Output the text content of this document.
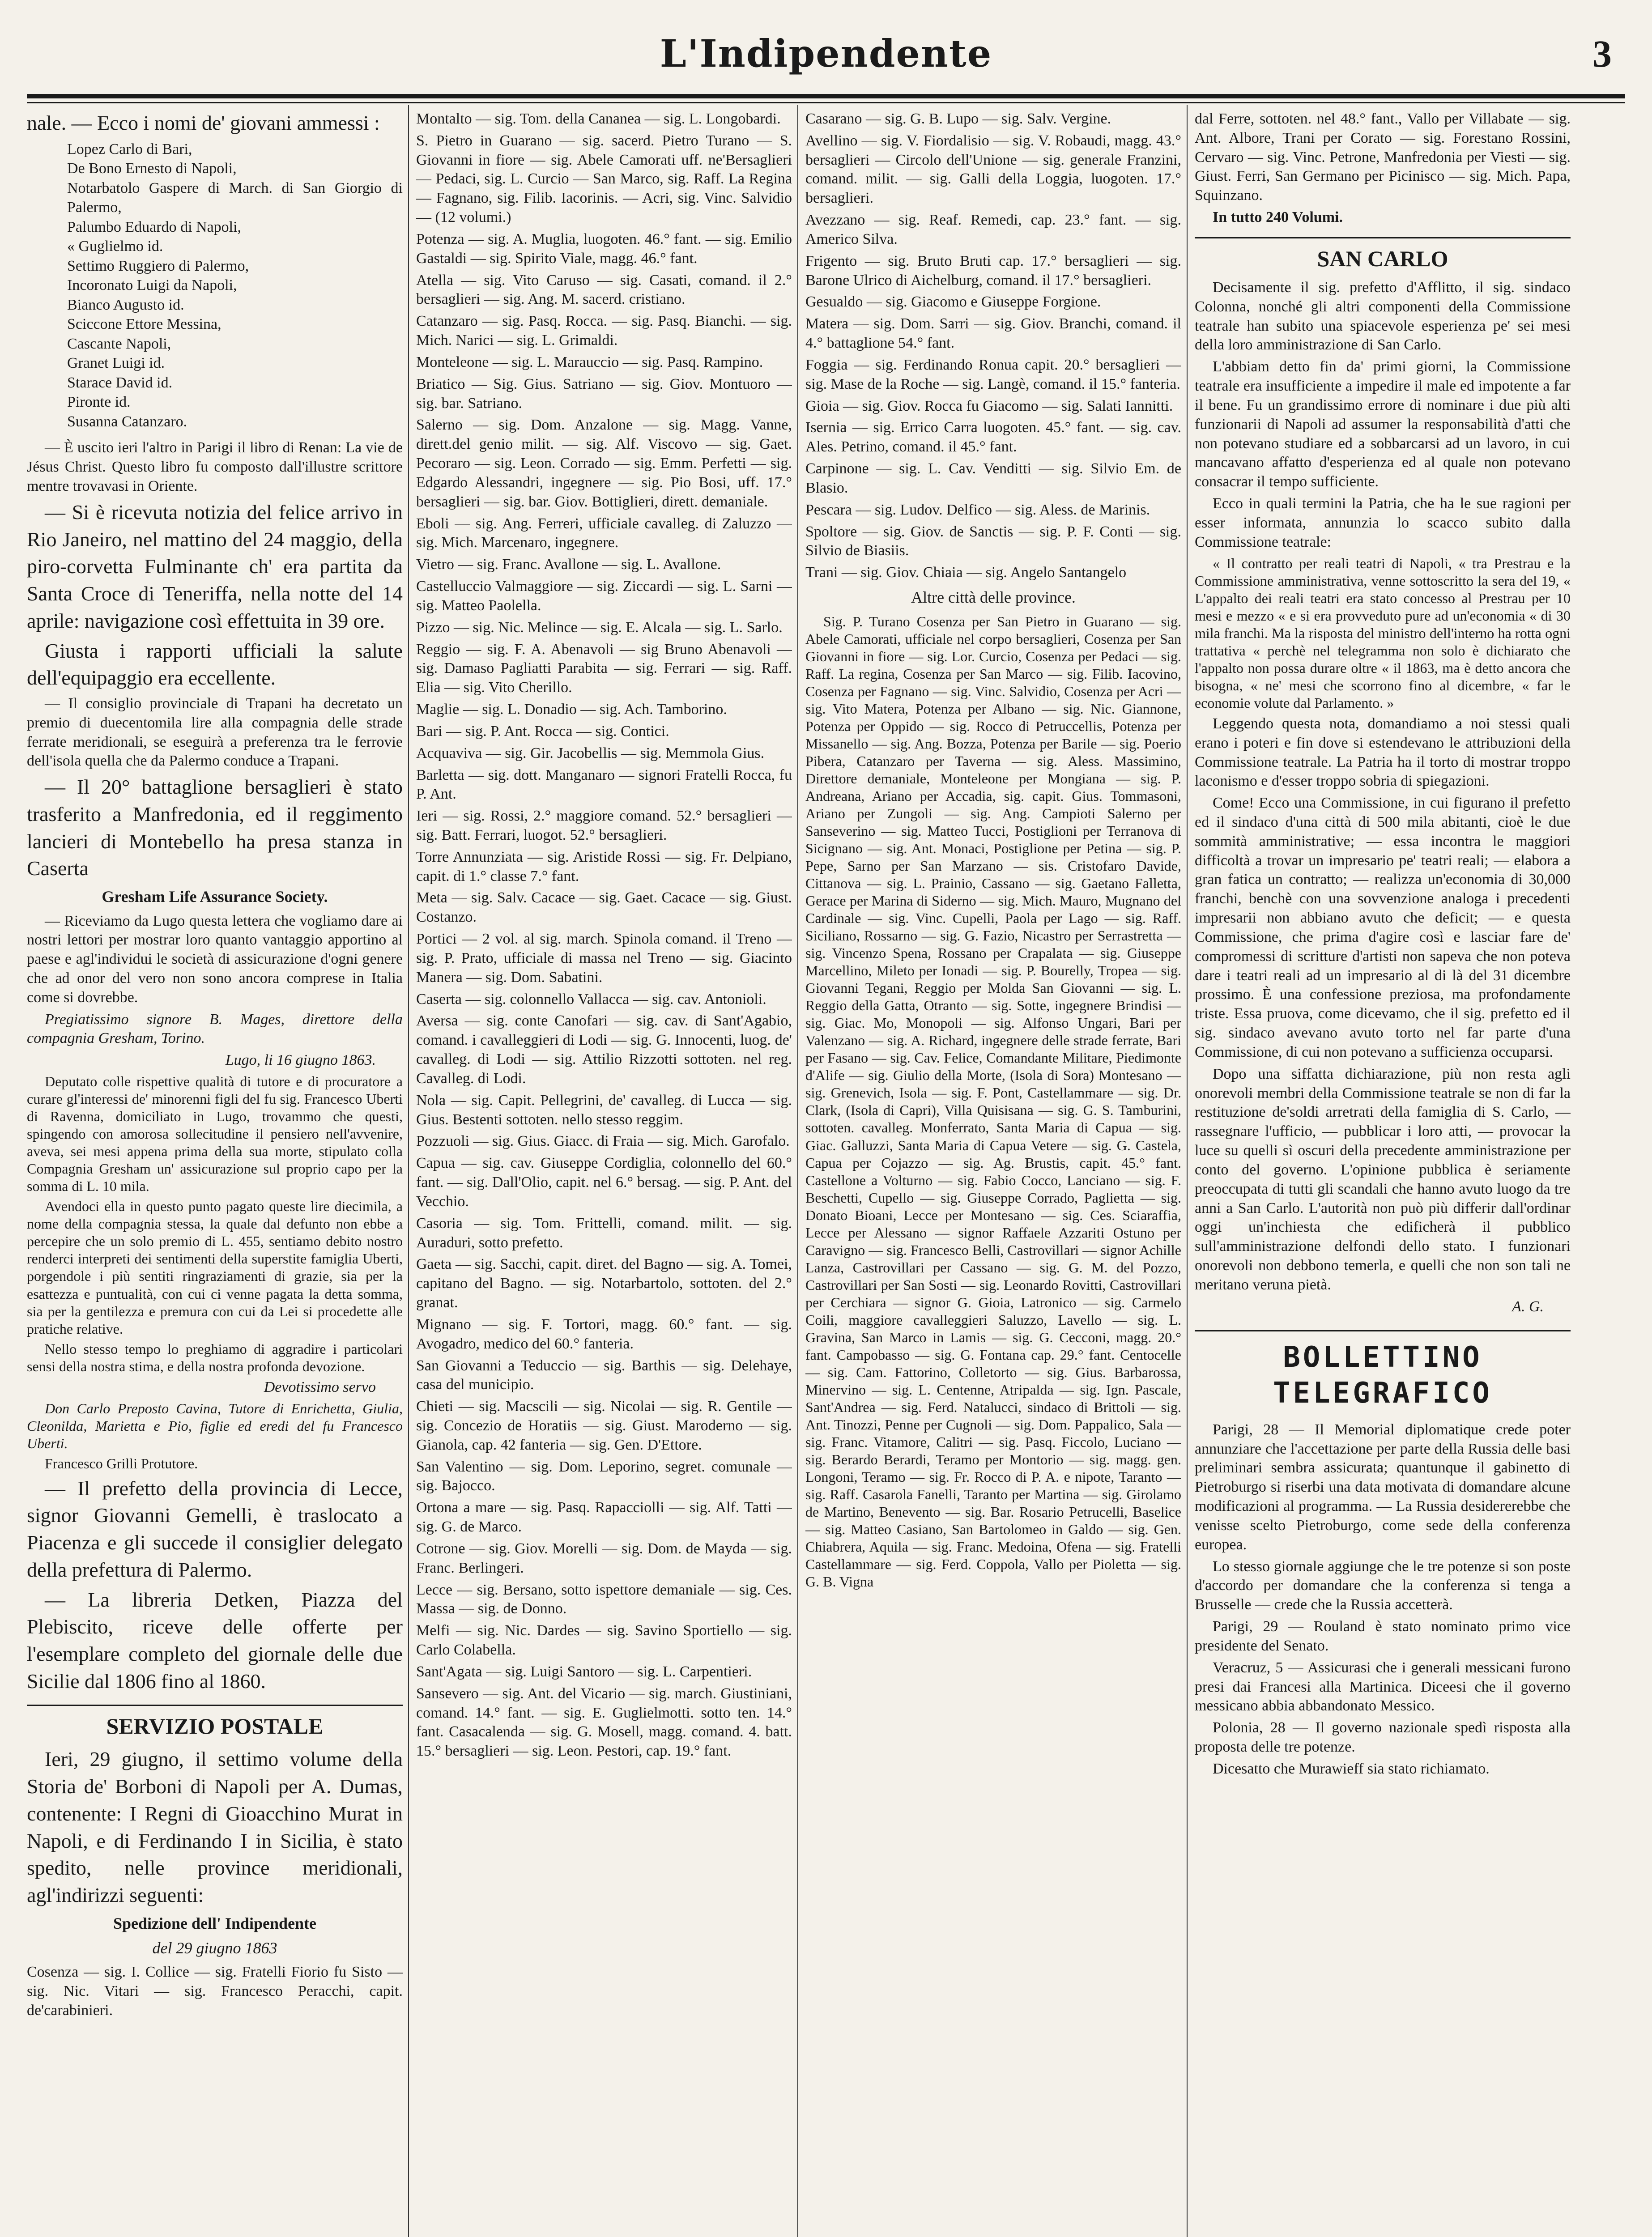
L'Indipendente	3

nale. — Ecco i nomi de' giovani ammessi :

Lopez Carlo di Bari,
De Bono Ernesto di Napoli,
Notarbatolo Gaspere di March. di San Giorgio di Palermo,
Palumbo Eduardo di Napoli,
« Guglielmo id.
Settimo Ruggiero di Palermo,
Incoronato Luigi da Napoli,
Bianco Augusto id.
Sciccone Ettore Messina,
Cascante Napoli,
Granet Luigi id.
Starace David id.
Pironte id.
Susanna Catanzaro.

— È uscito ieri l'altro in Parigi il libro di Renan: La vie de Jésus Christ. Questo libro fu composto dall'illustre scrittore mentre trovavasi in Oriente.

— Si è ricevuta notizia del felice arrivo in Rio Janeiro, nel mattino del 24 maggio, della piro-corvetta Fulminante ch' era partita da Santa Croce di Teneriffa, nella notte del 14 aprile: navigazione così effettuita in 39 ore.

Giusta i rapporti ufficiali la salute dell'equipaggio era eccellente.

— Il consiglio provinciale di Trapani ha decretato un premio di duecentomila lire alla compagnia delle strade ferrate meridionali, se eseguirà a preferenza tra le ferrovie dell'isola quella che da Palermo conduce a Trapani.

— Il 20° battaglione bersaglieri è stato trasferito a Manfredonia, ed il reggimento lancieri di Montebello ha presa stanza in Caserta

Gresham Life Assurance Society.

— Riceviamo da Lugo questa lettera che vogliamo dare ai nostri lettori per mostrar loro quanto vantaggio apportino al paese e agl'individui le società di assicurazione d'ogni genere che ad onor del vero non sono ancora comprese in Italia come si dovrebbe.

Pregiatissimo signore B. Mages, direttore della compagnia Gresham, Torino.

Lugo, li 16 giugno 1863.

Deputato colle rispettive qualità di tutore e di procuratore a curare gl'interessi de' minorenni figli del fu sig. Francesco Uberti di Ravenna, domiciliato in Lugo, trovammo che questi, spingendo con amorosa sollecitudine il pensiero nell'avvenire, aveva, sei mesi appena prima della sua morte, stipulato colla Compagnia Gresham un' assicurazione sul proprio capo per la somma di L. 10 mila.

Avendoci ella in questo punto pagato queste lire diecimila, a nome della compagnia stessa, la quale dal defunto non ebbe a percepire che un solo premio di L. 455, sentiamo debito nostro renderci interpreti dei sentimenti della superstite famiglia Uberti, porgendole i più sentiti ringraziamenti di grazie, sia per la esattezza e puntualità, con cui ci venne pagata la detta somma, sia per la gentilezza e premura con cui da Lei si procedette alle pratiche relative.

Nello stesso tempo lo preghiamo di aggradire i particolari sensi della nostra stima, e della nostra profonda devozione.

Devotissimo servo

Don Carlo Preposto Cavina, Tutore di Enrichetta, Giulia, Cleonilda, Marietta e Pio, figlie ed eredi del fu Francesco Uberti.

Francesco Grilli Protutore.

— Il prefetto della provincia di Lecce, signor Giovanni Gemelli, è traslocato a Piacenza e gli succede il consiglier delegato della prefettura di Palermo.

— La libreria Detken, Piazza del Plebiscito, riceve delle offerte per l'esemplare completo del giornale delle due Sicilie dal 1806 fino al 1860.

SERVIZIO POSTALE

Ieri, 29 giugno, il settimo volume della Storia de' Borboni di Napoli per A. Dumas, contenente: I Regni di Gioacchino Murat in Napoli, e di Ferdinando I in Sicilia, è stato spedito, nelle province meridionali, agl'indirizzi seguenti:

Spedizione dell' Indipendente

del 29 giugno 1863

Cosenza — sig. I. Collice — sig. Fratelli Fiorio fu Sisto — sig. Nic. Vitari — sig. Francesco Peracchi, capit. de'carabinieri.

Montalto — sig. Tom. della Cananea — sig. L. Longobardi.

S. Pietro in Guarano — sig. sacerd. Pietro Turano — S. Giovanni in fiore — sig. Abele Camorati uff. ne'Bersaglieri — Pedaci, sig. L. Curcio — San Marco, sig. Raff. La Regina — Fagnano, sig. Filib. Iacorinis. — Acri, sig. Vinc. Salvidio — (12 volumi.)

Potenza — sig. A. Muglia, luogoten. 46.° fant. — sig. Emilio Gastaldi — sig. Spirito Viale, magg. 46.° fant.

Atella — sig. Vito Caruso — sig. Casati, comand. il 2.° bersaglieri — sig. Ang. M. sacerd. cristiano.

Catanzaro — sig. Pasq. Rocca. — sig. Pasq. Bianchi. — sig. Mich. Narici — sig. L. Grimaldi.

Monteleone — sig. L. Marauccio — sig. Pasq. Rampino.

Briatico — Sig. Gius. Satriano — sig. Giov. Montuoro — sig. bar. Satriano.

Salerno — sig. Dom. Anzalone — sig. Magg. Vanne, dirett.del genio milit. — sig. Alf. Viscovo — sig. Gaet. Pecoraro — sig. Leon. Corrado — sig. Emm. Perfetti — sig. Edgardo Alessandri, ingegnere — sig. Pio Bosi, uff. 17.° bersaglieri — sig. bar. Giov. Bottiglieri, dirett. demaniale.

Eboli — sig. Ang. Ferreri, ufficiale cavalleg. di Zaluzzo — sig. Mich. Marcenaro, ingegnere.

Vietro — sig. Franc. Avallone — sig. L. Avallone.

Castelluccio Valmaggiore — sig. Ziccardi — sig. L. Sarni — sig. Matteo Paolella.

Pizzo — sig. Nic. Melince — sig. E. Alcala — sig. L. Sarlo.

Reggio — sig. F. A. Abenavoli — sig Bruno Abenavoli — sig. Damaso Pagliatti Parabita — sig. Ferrari — sig. Raff. Elia — sig. Vito Cherillo.

Maglie — sig. L. Donadio — sig. Ach. Tamborino.

Bari — sig. P. Ant. Rocca — sig. Contici.

Acquaviva — sig. Gir. Jacobellis — sig. Memmola Gius.

Barletta — sig. dott. Manganaro — signori Fratelli Rocca, fu P. Ant.

Ieri — sig. Rossi, 2.° maggiore comand. 52.° bersaglieri — sig. Batt. Ferrari, luogot. 52.° bersaglieri.

Torre Annunziata — sig. Aristide Rossi — sig. Fr. Delpiano, capit. di 1.° classe 7.° fant.

Meta — sig. Salv. Cacace — sig. Gaet. Cacace — sig. Giust. Costanzo.

Portici — 2 vol. al sig. march. Spinola comand. il Treno — sig. P. Prato, ufficiale di massa nel Treno — sig. Giacinto Manera — sig. Dom. Sabatini.

Caserta — sig. colonnello Vallacca — sig. cav. Antonioli.

Aversa — sig. conte Canofari — sig. cav. di Sant'Agabio, comand. i cavalleggieri di Lodi — sig. G. Innocenti, luog. de' cavalleg. di Lodi — sig. Attilio Rizzotti sottoten. nel reg. Cavalleg. di Lodi.

Nola — sig. Capit. Pellegrini, de' cavalleg. di Lucca — sig. Gius. Bestenti sottoten. nello stesso reggim.

Pozzuoli — sig. Gius. Giacc. di Fraia — sig. Mich. Garofalo.

Capua — sig. cav. Giuseppe Cordiglia, colonnello del 60.° fant. — sig. Dall'Olio, capit. nel 6.° bersag. — sig. P. Ant. del Vecchio.

Casoria — sig. Tom. Frittelli, comand. milit. — sig. Auraduri, sotto prefetto.

Gaeta — sig. Sacchi, capit. diret. del Bagno — sig. A. Tomei, capitano del Bagno. — sig. Notarbartolo, sottoten. del 2.° granat.

Mignano — sig. F. Tortori, magg. 60.° fant. — sig. Avogadro, medico del 60.° fanteria.

San Giovanni a Teduccio — sig. Barthis — sig. Delehaye, casa del municipio.

Chieti — sig. Macscili — sig. Nicolai — sig. R. Gentile — sig. Concezio de Horatiis — sig. Giust. Maroderno — sig. Gianola, cap. 42 fanteria — sig. Gen. D'Ettore.

San Valentino — sig. Dom. Leporino, segret. comunale — sig. Bajocco.

Ortona a mare — sig. Pasq. Rapacciolli — sig. Alf. Tatti — sig. G. de Marco.

Cotrone — sig. Giov. Morelli — sig. Dom. de Mayda — sig. Franc. Berlingeri.

Lecce — sig. Bersano, sotto ispettore demaniale — sig. Ces. Massa — sig. de Donno.

Melfi — sig. Nic. Dardes — sig. Savino Sportiello — sig. Carlo Colabella.

Sant'Agata — sig. Luigi Santoro — sig. L. Carpentieri.

Sansevero — sig. Ant. del Vicario — sig. march. Giustiniani, comand. 14.° fant. — sig. E. Guglielmotti. sotto ten. 14.° fant. Casacalenda — sig. G. Mosell, magg. comand. 4. batt. 15.° bersaglieri — sig. Leon. Pestori, cap. 19.° fant.

Casarano — sig. G. B. Lupo — sig. Salv. Vergine.

Avellino — sig. V. Fiordalisio — sig. V. Robaudi, magg. 43.° bersaglieri — Circolo dell'Unione — sig. generale Franzini, comand. milit. — sig. Galli della Loggia, luogoten. 17.° bersaglieri.

Avezzano — sig. Reaf. Remedi, cap. 23.° fant. — sig. Americo Silva.

Frigento — sig. Bruto Bruti cap. 17.° bersaglieri — sig. Barone Ulrico di Aichelburg, comand. il 17.° bersaglieri.

Gesualdo — sig. Giacomo e Giuseppe Forgione.

Matera — sig. Dom. Sarri — sig. Giov. Branchi, comand. il 4.° battaglione 54.° fant.

Foggia — sig. Ferdinando Ronua capit. 20.° bersaglieri — sig. Mase de la Roche — sig. Langè, comand. il 15.° fanteria.

Gioia — sig. Giov. Rocca fu Giacomo — sig. Salati Iannitti.

Isernia — sig. Errico Carra luogoten. 45.° fant. — sig. cav. Ales. Petrino, comand. il 45.° fant.

Carpinone — sig. L. Cav. Venditti — sig. Silvio Em. de Blasio.

Pescara — sig. Ludov. Delfico — sig. Aless. de Marinis.

Spoltore — sig. Giov. de Sanctis — sig. P. F. Conti — sig. Silvio de Biasiis.

Trani — sig. Giov. Chiaia — sig. Angelo Santangelo

Altre città delle province.

Sig. P. Turano Cosenza per San Pietro in Guarano — sig. Abele Camorati, ufficiale nel corpo bersaglieri, Cosenza per San Giovanni in fiore — sig. Lor. Curcio, Cosenza per Pedaci — sig. Raff. La regina, Cosenza per San Marco — sig. Filib. Iacovino, Cosenza per Fagnano — sig. Vinc. Salvidio, Cosenza per Acri — sig. Vito Matera, Potenza per Albano — sig. Nic. Giannone, Potenza per Oppido — sig. Rocco di Petruccellis, Potenza per Missanello — sig. Ang. Bozza, Potenza per Barile — sig. Poerio Pibera, Catanzaro per Taverna — sig. Aless. Massimino, Direttore demaniale, Monteleone per Mongiana — sig. P. Andreana, Ariano per Accadia, sig. capit. Gius. Tommasoni, Ariano per Zungoli — sig. Ang. Campioti Salerno per Sanseverino — sig. Matteo Tucci, Postiglioni per Terranova di Sicignano — sig. Ant. Monaci, Postiglione per Petina — sig. P. Pepe, Sarno per San Marzano — sis. Cristofaro Davide, Cittanova — sig. L. Prainio, Cassano — sig. Gaetano Falletta, Gerace per Marina di Siderno — sig. Mich. Mauro, Mugnano del Cardinale — sig. Vinc. Cupelli, Paola per Lago — sig. Raff. Siciliano, Rossarno — sig. G. Fazio, Nicastro per Serrastretta — sig. Vincenzo Spena, Rossano per Crapalata — sig. Giuseppe Marcellino, Mileto per Ionadi — sig. P. Bourelly, Tropea — sig. Giovanni Tegani, Reggio per Molda San Giovanni — sig. L. Reggio della Gatta, Otranto — sig. Sotte, ingegnere Brindisi — sig. Giac. Mo, Monopoli — sig. Alfonso Ungari, Bari per Valenzano — sig. A. Richard, ingegnere delle strade ferrate, Bari per Fasano — sig. Cav. Felice, Comandante Militare, Piedimonte d'Alife — sig. Giulio della Morte, (Isola di Sora) Montesano — sig. Grenevich, Isola — sig. F. Pont, Castellammare — sig. Dr. Clark, (Isola di Capri), Villa Quisisana — sig. G. S. Tamburini, sottoten. cavalleg. Monferrato, Santa Maria di Capua — sig. Giac. Galluzzi, Santa Maria di Capua Vetere — sig. G. Castela, Capua per Cojazzo — sig. Ag. Brustis, capit. 45.° fant. Castellone a Volturno — sig. Fabio Cocco, Lanciano — sig. F. Beschetti, Cupello — sig. Giuseppe Corrado, Paglietta — sig. Donato Bioani, Lecce per Montesano — sig. Ces. Sciaraffia, Lecce per Alessano — signor Raffaele Azzariti Ostuno per Caravigno — sig. Francesco Belli, Castrovillari — signor Achille Lanza, Castrovillari per Cassano — sig. G. M. del Pozzo, Castrovillari per San Sosti — sig. Leonardo Rovitti, Castrovillari per Cerchiara — signor G. Gioia, Latronico — sig. Carmelo Coili, maggiore cavalleggieri Saluzzo, Lavello — sig. L. Gravina, San Marco in Lamis — sig. G. Cecconi, magg. 20.° fant. Campobasso — sig. G. Fontana cap. 29.° fant. Centocelle — sig. Cam. Fattorino, Colletorto — sig. Gius. Barbarossa, Minervino — sig. L. Centenne, Atripalda — sig. Ign. Pascale, Sant'Andrea — sig. Ferd. Natalucci, sindaco di Brittoli — sig. Ant. Tinozzi, Penne per Cugnoli — sig. Dom. Pappalico, Sala — sig. Franc. Vitamore, Calitri — sig. Pasq. Ficcolo, Luciano — sig. Berardo Berardi, Teramo per Montorio — sig. magg. gen. Longoni, Teramo — sig. Fr. Rocco di P. A. e nipote, Taranto — sig. Raff. Casarola Fanelli, Taranto per Martina — sig. Girolamo de Martino, Benevento — sig. Bar. Rosario Petrucelli, Baselice — sig. Matteo Casiano, San Bartolomeo in Galdo — sig. Gen. Chiabrera, Aquila — sig. Franc. Medoina, Ofena — sig. Fratelli Castellammare — sig. Ferd. Coppola, Vallo per Pioletta — sig. G. B. Vigna

dal Ferre, sottoten. nel 48.° fant., Vallo per Villabate — sig. Ant. Albore, Trani per Corato — sig. Forestano Rossini, Cervaro — sig. Vinc. Petrone, Manfredonia per Viesti — sig. Giust. Ferri, San Germano per Picinisco — sig. Mich. Papa, Squinzano.

In tutto 240 Volumi.

SAN CARLO

Decisamente il sig. prefetto d'Afflitto, il sig. sindaco Colonna, nonché gli altri componenti della Commissione teatrale han subito una spiacevole esperienza pe' sei mesi della loro amministrazione di San Carlo.

L'abbiam detto fin da' primi giorni, la Commissione teatrale era insufficiente a impedire il male ed impotente a far il bene. Fu un grandissimo errore di nominare i due più alti funzionarii di Napoli ad assumer la responsabilità d'atti che non potevano studiare ed a sobbarcarsi ad un lavoro, in cui mancavano affatto d'esperienza ed al quale non potevano consacrar il tempo sufficiente.

Ecco in quali termini la Patria, che ha le sue ragioni per esser informata, annunzia lo scacco subito dalla Commissione teatrale:

« Il contratto per reali teatri di Napoli, « tra Prestrau e la Commissione amministrativa, venne sottoscritto la sera del 19, « L'appalto dei reali teatri era stato concesso al Prestrau per 10 mesi e mezzo « e si era provveduto pure ad un'economia « di 30 mila franchi. Ma la risposta del ministro dell'interno ha rotta ogni trattativa « perchè nel telegramma non solo è dichiarato che l'appalto non possa durare oltre « il 1863, ma è detto ancora che bisogna, « ne' mesi che scorrono fino al dicembre, « far le economie volute dal Parlamento. »

Leggendo questa nota, domandiamo a noi stessi quali erano i poteri e fin dove si estendevano le attribuzioni della Commissione teatrale. La Patria ha il torto di mostrar troppo laconismo e d'esser troppo sobria di spiegazioni.

Come! Ecco una Commissione, in cui figurano il prefetto ed il sindaco d'una città di 500 mila abitanti, cioè le due sommità amministrative; — essa incontra le maggiori difficoltà a trovar un impresario pe' teatri reali; — elabora a gran fatica un contratto; — realizza un'economia di 30,000 franchi, benchè con una sovvenzione analoga i precedenti impresarii non abbiano avuto che deficit; — e questa Commissione, che prima d'agire così e lasciar fare de' compromessi di scritture d'artisti non sapeva che non poteva dare i teatri reali ad un impresario al di là del 31 dicembre prossimo. È una confessione preziosa, ma profondamente triste. Essa pruova, come dicevamo, che il sig. prefetto ed il sig. sindaco avevano avuto torto nel far parte d'una Commissione, di cui non potevano a sufficienza occuparsi.

Dopo una siffatta dichiarazione, più non resta agli onorevoli membri della Commissione teatrale se non di far la restituzione de'soldi arretrati della famiglia di S. Carlo, — rassegnare l'ufficio, — pubblicar i loro atti, — provocar la luce su quelli sì oscuri della precedente amministrazione per conto del governo. L'opinione pubblica è seriamente preoccupata di tutti gli scandali che hanno avuto luogo da tre anni a San Carlo. L'autorità non può più differir dall'ordinar oggi un'inchiesta che edificherà il pubblico sull'amministrazione delfondi dello stato. I funzionari onorevoli non debbono temerla, e quelli che non son tali ne meritano veruna pietà.

A. G.

BOLLETTINO TELEGRAFICO

Parigi, 28 — Il Memorial diplomatique crede poter annunziare che l'accettazione per parte della Russia delle basi preliminari sembra assicurata; quantunque il gabinetto di Pietroburgo si riserbi una data motivata di domandare alcune modificazioni al programma. — La Russia desidererebbe che venisse scelto Pietroburgo, come sede della conferenza europea.

Lo stesso giornale aggiunge che le tre potenze si son poste d'accordo per domandare che la conferenza si tenga a Brusselle — crede che la Russia accetterà.

Parigi, 29 — Rouland è stato nominato primo vice presidente del Senato.

Veracruz, 5 — Assicurasi che i generali messicani furono presi dai Francesi alla Martinica. Diceesi che il governo messicano abbia abbandonato Messico.

Polonia, 28 — Il governo nazionale spedì risposta alla proposta delle tre potenze.

Dicesatto che Murawieff sia stato richiamato.
